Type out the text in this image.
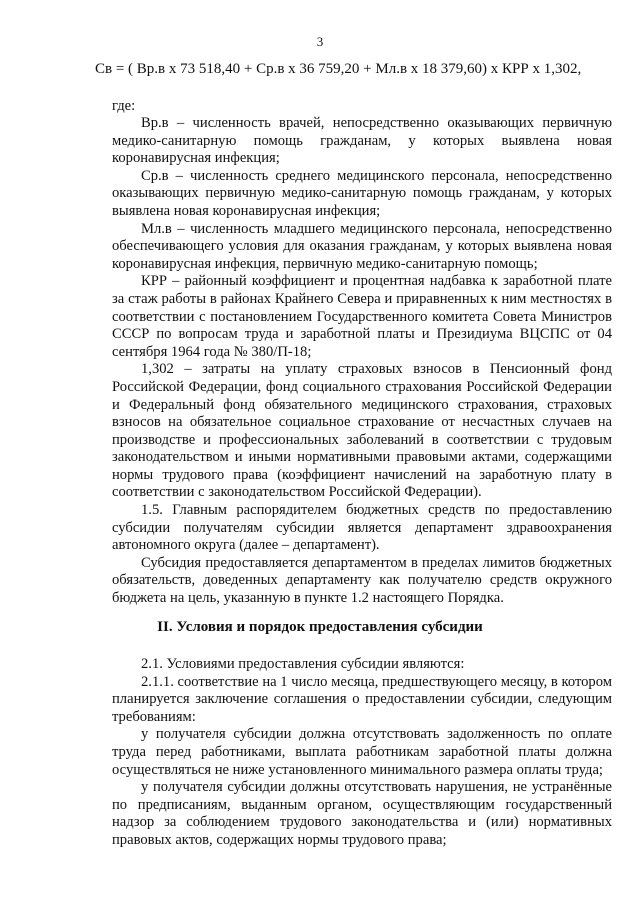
3
Св = ( Вр.в х 73 518,40 + Ср.в х 36 759,20 + Мл.в х 18 379,60) х КРР х 1,302,
где:

Вр.в – численность врачей, непосредственно оказывающих первичную медико-санитарную помощь гражданам, у которых выявлена новая коронавирусная инфекция;

Ср.в – численность среднего медицинского персонала, непосредственно оказывающих первичную медико-санитарную помощь гражданам, у которых выявлена новая коронавирусная инфекция;

Мл.в – численность младшего медицинского персонала, непосредственно обеспечивающего условия для оказания гражданам, у которых выявлена новая коронавирусная инфекция, первичную медико-санитарную помощь;

КРР – районный коэффициент и процентная надбавка к заработной плате за стаж работы в районах Крайнего Севера и приравненных к ним местностях в соответствии с постановлением Государственного комитета Совета Министров СССР по вопросам труда и заработной платы и Президиума ВЦСПС от 04 сентября 1964 года № 380/П-18;

1,302 – затраты на уплату страховых взносов в Пенсионный фонд Российской Федерации, фонд социального страхования Российской Федерации и Федеральный фонд обязательного медицинского страхования, страховых взносов на обязательное социальное страхование от несчастных случаев на производстве и профессиональных заболеваний в соответствии с трудовым законодательством и иными нормативными правовыми актами, содержащими нормы трудового права (коэффициент начислений на заработную плату в соответствии с законодательством Российской Федерации).

1.5. Главным распорядителем бюджетных средств по предоставлению субсидии получателям субсидии является департамент здравоохранения автономного округа (далее – департамент).

Субсидия предоставляется департаментом в пределах лимитов бюджетных обязательств, доведенных департаменту как получателю средств окружного бюджета на цель, указанную в пункте 1.2 настоящего Порядка.

II. Условия и порядок предоставления субсидии

2.1. Условиями предоставления субсидии являются:

2.1.1. соответствие на 1 число месяца, предшествующего месяцу, в котором планируется заключение соглашения о предоставлении субсидии, следующим требованиям:

у получателя субсидии должна отсутствовать задолженность по оплате труда перед работниками, выплата работникам заработной платы должна осуществляться не ниже установленного минимального размера оплаты труда;

у получателя субсидии должны отсутствовать нарушения, не устранённые по предписаниям, выданным органом, осуществляющим государственный надзор за соблюдением трудового законодательства и (или) нормативных правовых актов, содержащих нормы трудового права;
